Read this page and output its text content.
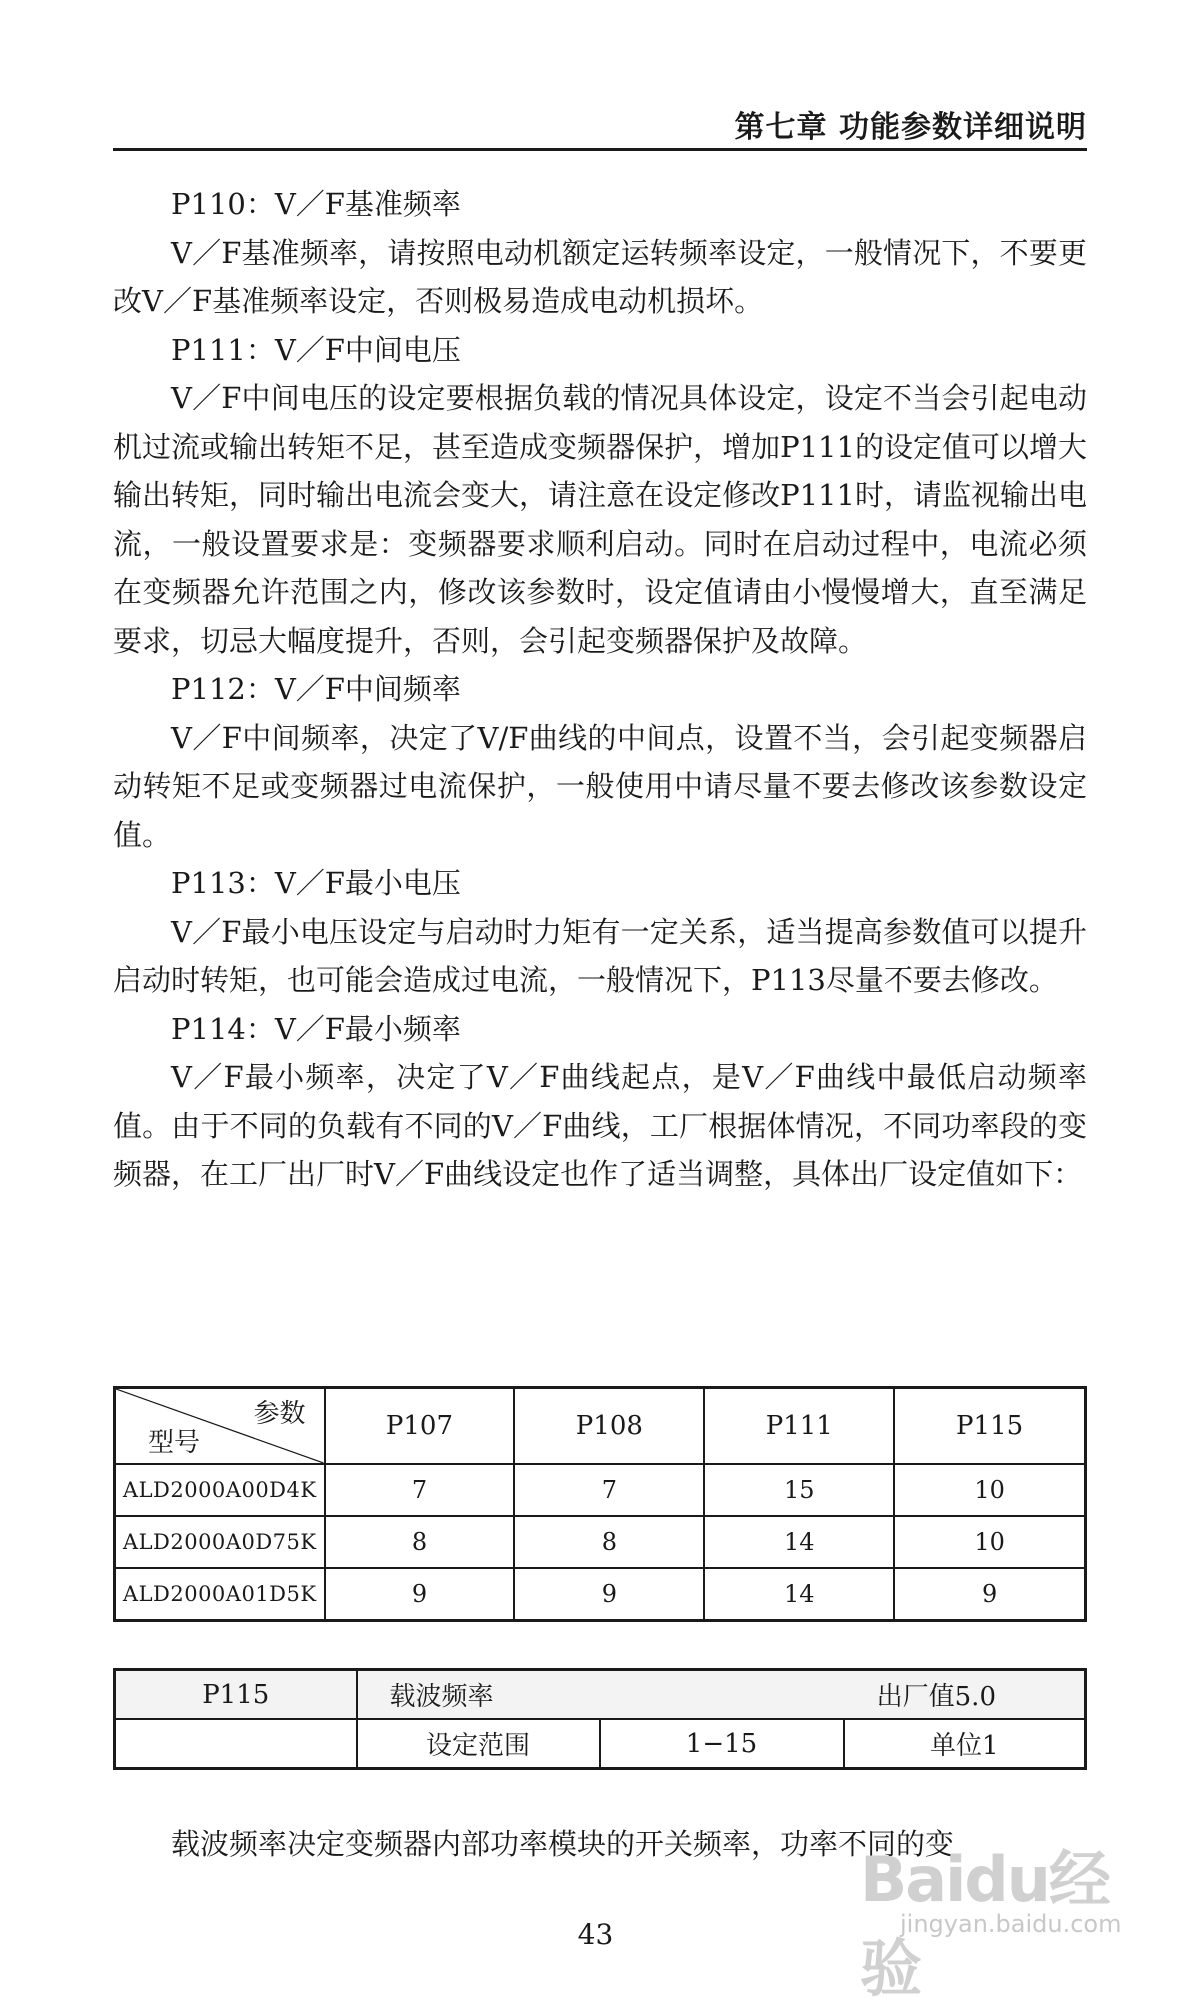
第七章 功能参数详细说明

P110：V／F基准频率

V／F基准频率，请按照电动机额定运转频率设定，一般情况下，不要更改V／F基准频率设定，否则极易造成电动机损坏。

P111：V／F中间电压

V／F中间电压的设定要根据负载的情况具体设定，设定不当会引起电动机过流或输出转矩不足，甚至造成变频器保护，增加P111的设定值可以增大输出转矩，同时输出电流会变大，请注意在设定修改P111时，请监视输出电流，一般设置要求是：变频器要求顺利启动。同时在启动过程中，电流必须在变频器允许范围之内，修改该参数时，设定值请由小慢慢增大，直至满足要求，切忌大幅度提升，否则，会引起变频器保护及故障。

P112：V／F中间频率

V／F中间频率，决定了V/F曲线的中间点，设置不当，会引起变频器启动转矩不足或变频器过电流保护，一般使用中请尽量不要去修改该参数设定值。

P113：V／F最小电压

V／F最小电压设定与启动时力矩有一定关系，适当提高参数值可以提升启动时转矩，也可能会造成过电流，一般情况下，P113尽量不要去修改。

P114：V／F最小频率

V／F最小频率，决定了V／F曲线起点，是V／F曲线中最低启动频率值。由于不同的负载有不同的V／F曲线，工厂根据体情况，不同功率段的变频器，在工厂出厂时V／F曲线设定也作了适当调整，具体出厂设定值如下：

参数
型号	P107	P108	P111	P115
ALD2000A00D4K	7	7	15	10
ALD2000A0D75K	8	8	14	10
ALD2000A01D5K	9	9	14	9
P115	载波频率 出厂值5.0		

	设定范围	1−15	单位1
载波频率决定变频器内部功率模块的开关频率，功率不同的变
Baidu经验
jingyan.baidu.com
43
